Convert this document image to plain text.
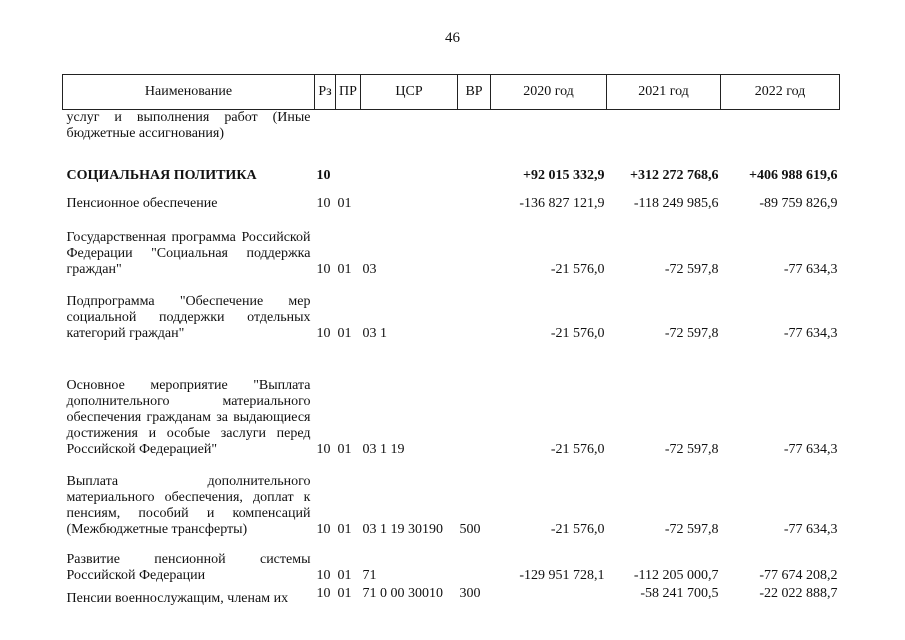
46
Наименование	Рз	ПР	ЦСР	ВР	2020 год	2021 год	2022 год
услуг и выполнения работ (Иные бюджетные ассигнования)							
СОЦИАЛЬНАЯ ПОЛИТИКА	10				+92 015 332,9	+312 272 768,6	+406 988 619,6
Пенсионное обеспечение	10	01			-136 827 121,9	-118 249 985,6	-89 759 826,9
Государственная программа Российской Федерации "Социальная поддержка граждан"	10	01	03		-21 576,0	-72 597,8	-77 634,3
Подпрограмма "Обеспечение мер социальной поддержки отдельных категорий граждан"	10	01	03 1		-21 576,0	-72 597,8	-77 634,3
Основное мероприятие "Выплата дополнительного материального обеспечения гражданам за выдающиеся достижения и особые заслуги перед Российской Федерацией"	10	01	03 1 19		-21 576,0	-72 597,8	-77 634,3
Выплата дополнительного материального обеспечения, доплат к пенсиям, пособий и компенсаций (Межбюджетные трансферты)	10	01	03 1 19 30190	500	-21 576,0	-72 597,8	-77 634,3
Развитие пенсионной системы Российской Федерации	10	01	71		-129 951 728,1	-112 205 000,7	-77 674 208,2
Пенсии военнослужащим, членам их	10	01	71 0 00 30010	300		-58 241 700,5	-22 022 888,7
